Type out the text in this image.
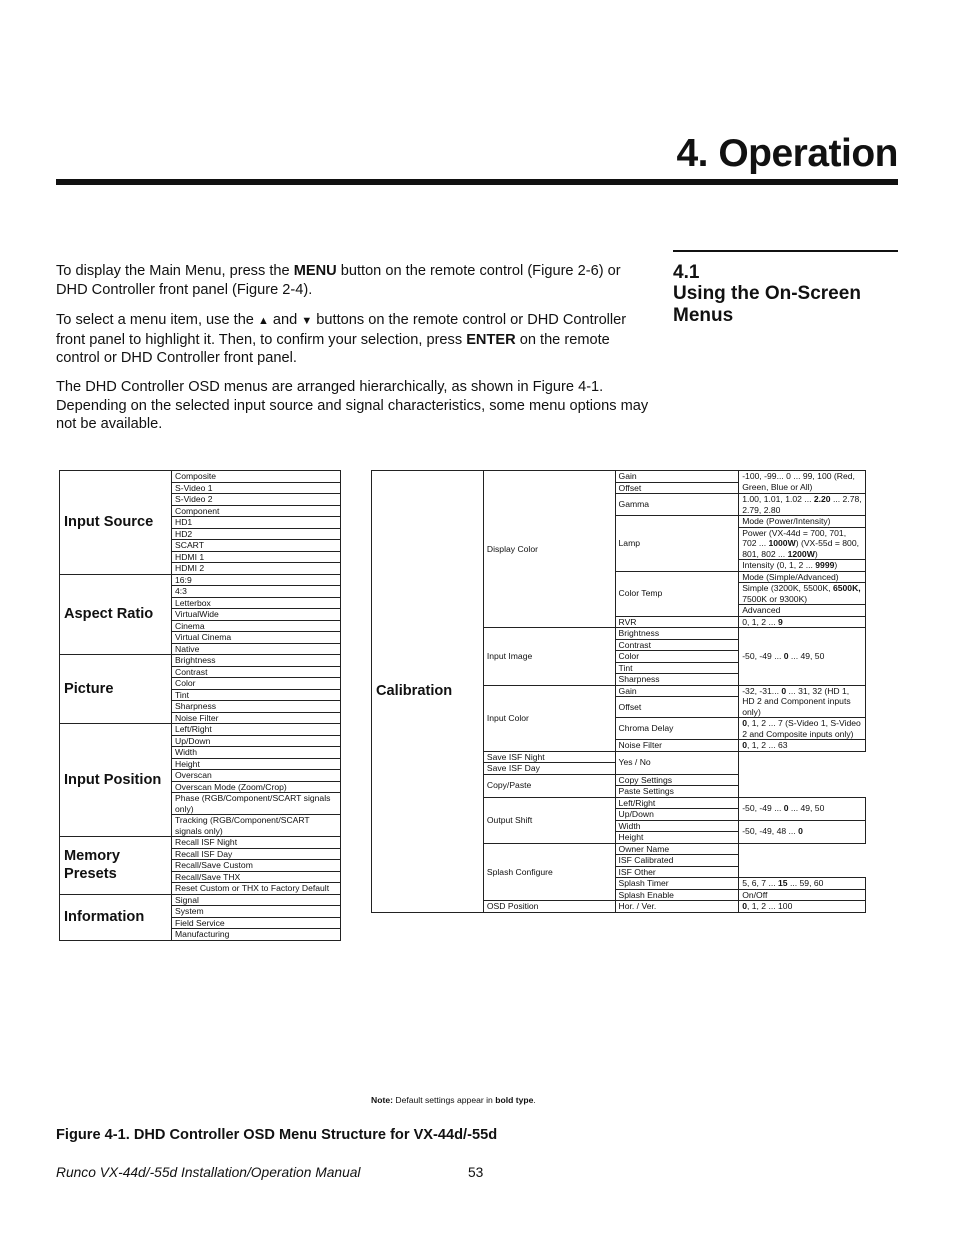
4. Operation
4.1
Using the On-Screen Menus
To display the Main Menu, press the MENU button on the remote control (Figure 2-6) or DHD Controller front panel (Figure 2-4).
To select a menu item, use the ▲ and ▼ buttons on the remote control or DHD Controller front panel to highlight it. Then, to confirm your selection, press ENTER on the remote control or DHD Controller front panel.
The DHD Controller OSD menus are arranged hierarchically, as shown in Figure 4-1. Depending on the selected input source and signal characteristics, some menu options may not be available.
Input Source	Composite
	S-Video 1
	S-Video 2
	Component
	HD1
	HD2
	SCART
	HDMI 1
	HDMI 2
Aspect Ratio	16:9
	4:3
	Letterbox
	VirtualWide
	Cinema
	Virtual Cinema
	Native
Picture	Brightness
	Contrast
	Color
	Tint
	Sharpness
	Noise Filter
Input Position	Left/Right
	Up/Down
	Width
	Height
	Overscan
	Overscan Mode (Zoom/Crop)
	Phase (RGB/Component/SCART signals only)
	Tracking (RGB/Component/SCART signals only)
Memory Presets	Recall ISF Night
	Recall ISF Day
	Recall/Save Custom
	Recall/Save THX
	Reset Custom or THX to Factory Default
Information	Signal
	System
	Field Service
	Manufacturing
Calibration	Display Color	Gain	-100, -99... 0 ... 99, 100 (Red, Green, Blue or All)
		Offset	
		Gamma	1.00, 1.01, 1.02 ... 2.20 ... 2.78, 2.79, 2.80

		Lamp	Mode (Power/Intensity)

			Power (VX-44d = 700, 701, 702 ... 1000W) (VX-55d = 800, 801, 802 ... 1200W)

			Intensity (0, 1, 2 ... 9999)

		Color Temp	Mode (Simple/Advanced)

			Simple (3200K, 5500K, 6500K, 7500K or 9300K)

			Advanced
		RVR	0, 1, 2 ... 9
	Input Image	Brightness	-50, -49 ... 0 ... 49, 50
		Contrast	
		Color	
		Tint	
		Sharpness	
	Input Color	Gain	-32, -31... 0 ... 31, 32 (HD 1, HD 2 and Component inputs only)
		Offset	

		Chroma Delay	0, 1, 2 ... 7 (S-Video 1, S-Video 2 and Composite inputs only)

		Noise Filter	0, 1, 2 ... 63
	Save ISF Night	Yes / No	
	Save ISF Day		
	Copy/Paste	Copy Settings	
		Paste Settings	
	Output Shift	Left/Right	-50, -49 ... 0 ... 49, 50
		Up/Down	
		Width	-50, -49, 48 ... 0
		Height	
	Splash Configure	Owner Name	
		ISF Calibrated	
		ISF Other	
		Splash Timer	5, 6, 7 ... 15 ... 59, 60
		Splash Enable	On/Off
	OSD Position	Hor. / Ver.	0, 1, 2 ... 100
Note: Default settings appear in bold type.
Figure 4-1. DHD Controller OSD Menu Structure for VX-44d/-55d
Runco VX-44d/-55d Installation/Operation Manual	53
